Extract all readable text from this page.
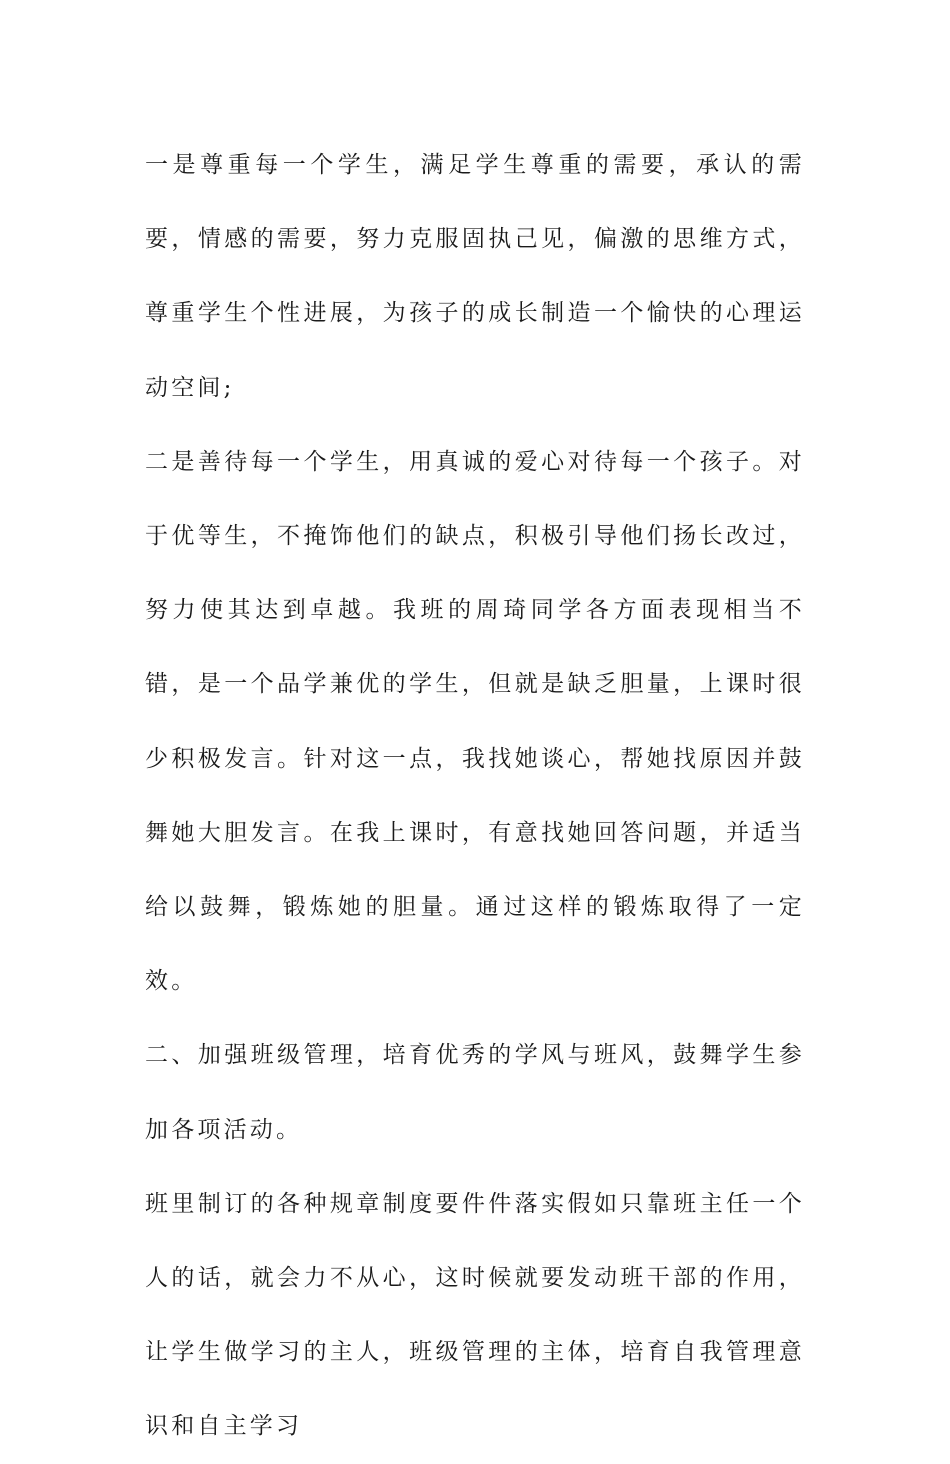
一是尊重每一个学生，满足学生尊重的需要，承认的需要，情感的需要，努力克服固执己见，偏激的思维方式，尊重学生个性进展，为孩子的成长制造一个愉快的心理运动空间;

二是善待每一个学生，用真诚的爱心对待每一个孩子。对于优等生，不掩饰他们的缺点，积极引导他们扬长改过，努力使其达到卓越。我班的周琦同学各方面表现相当不错，是一个品学兼优的学生，但就是缺乏胆量，上课时很少积极发言。针对这一点，我找她谈心，帮她找原因并鼓舞她大胆发言。在我上课时，有意找她回答问题，并适当给以鼓舞，锻炼她的胆量。通过这样的锻炼取得了一定效。

二、加强班级管理，培育优秀的学风与班风，鼓舞学生参加各项活动。

班里制订的各种规章制度要件件落实假如只靠班主任一个人的话，就会力不从心，这时候就要发动班干部的作用，让学生做学习的主人，班级管理的主体，培育自我管理意识和自主学习
